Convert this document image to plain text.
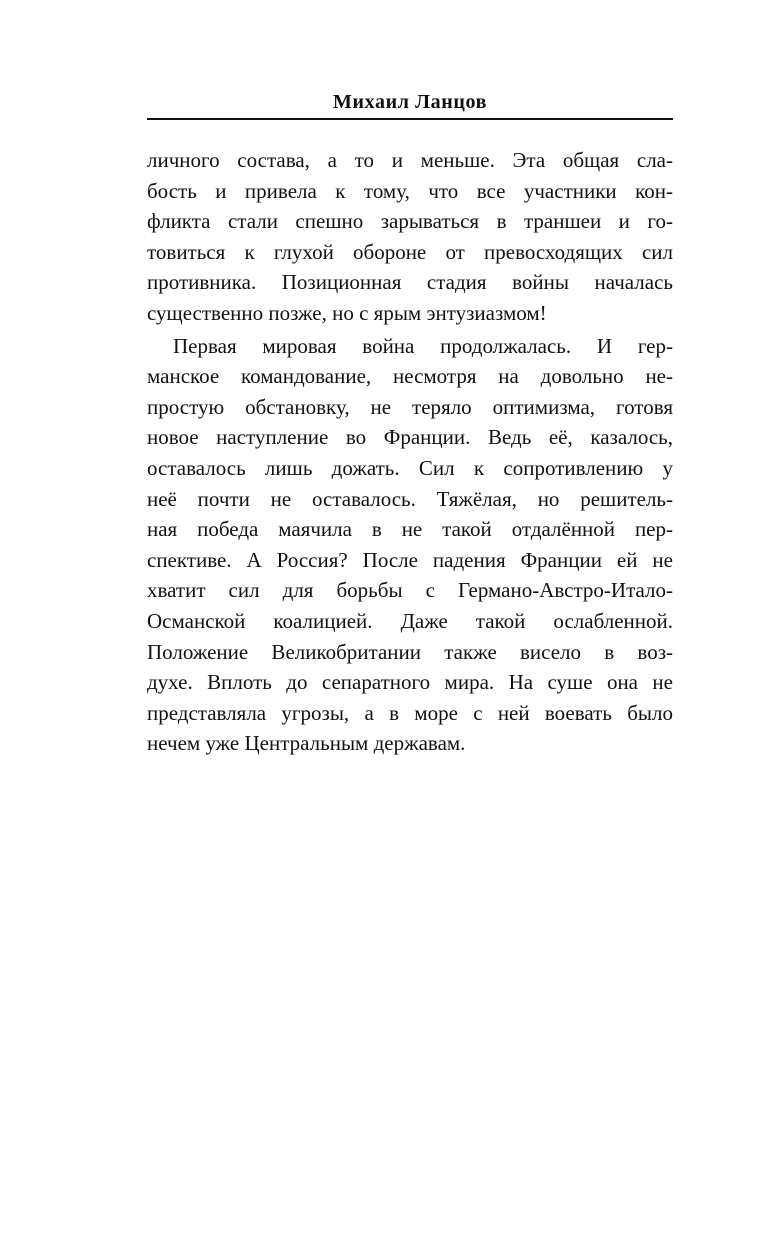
Михаил Ланцов
личного состава, а то и меньше. Эта общая сла-
бость и привела к тому, что все участники кон-
фликта стали спешно зарываться в траншеи и го-
товиться к глухой обороне от превосходящих сил
противника. Позиционная стадия войны началась
существенно позже, но с ярым энтузиазмом!
Первая мировая война продолжалась. И гер-
манское командование, несмотря на довольно не-
простую обстановку, не теряло оптимизма, готовя
новое наступление во Франции. Ведь её, казалось,
оставалось лишь дожать. Сил к сопротивлению у
неё почти не оставалось. Тяжёлая, но решитель-
ная победа маячила в не такой отдалённой пер-
спективе. А Россия? После падения Франции ей не
хватит сил для борьбы с Германо-Австро-Итало-
Османской коалицией. Даже такой ослабленной.
Положение Великобритании также висело в воз-
духе. Вплоть до сепаратного мира. На суше она не
представляла угрозы, а в море с ней воевать было
нечем уже Центральным державам.
